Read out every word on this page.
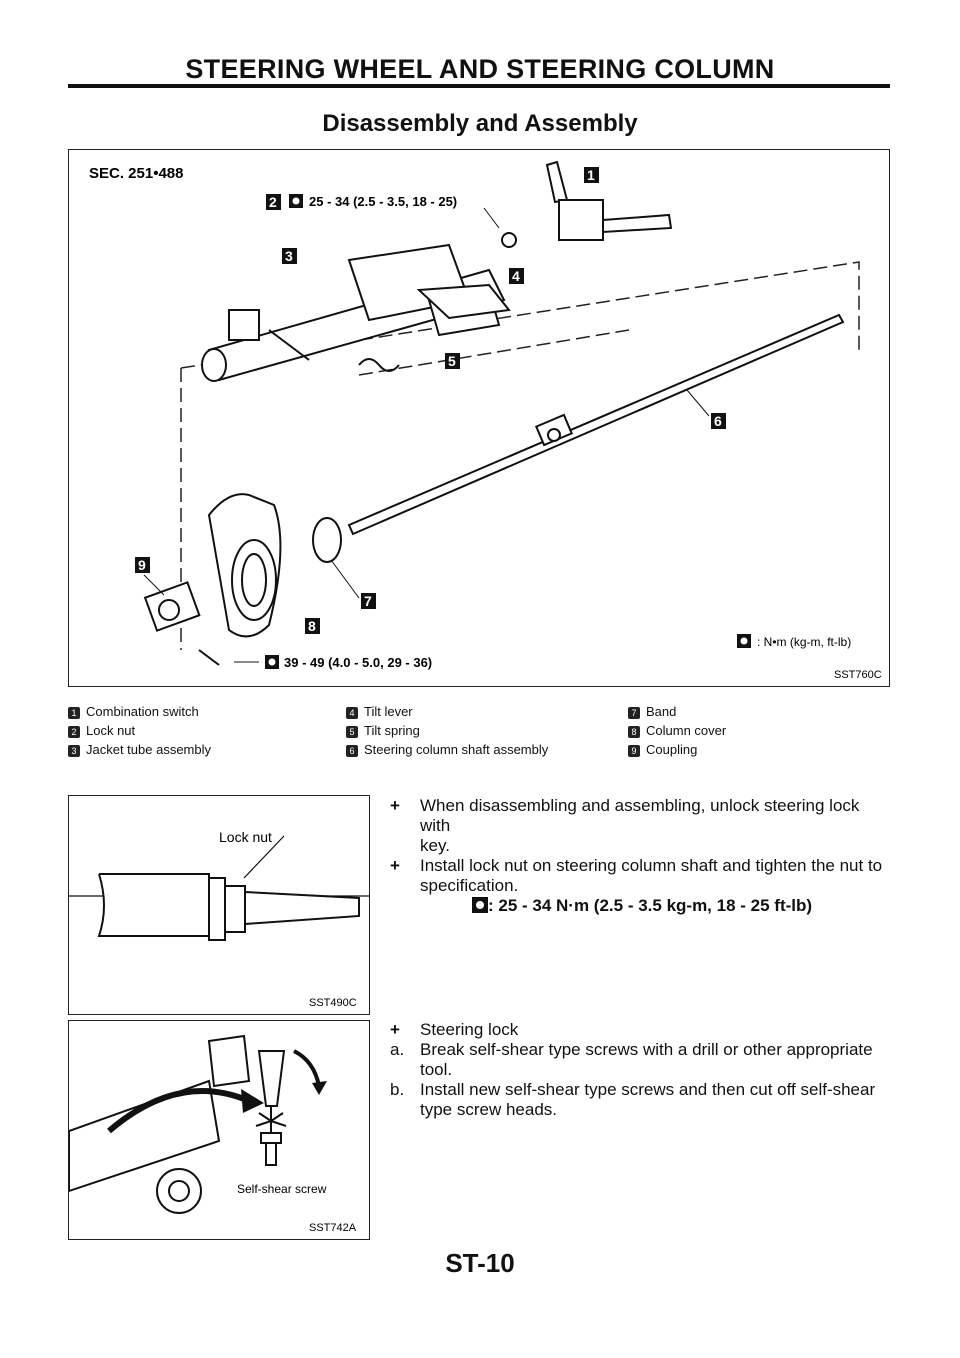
STEERING WHEEL AND STEERING COLUMN
Disassembly and Assembly
SEC. 251•488
25 - 34 (2.5 - 3.5, 18 - 25)
1
2
3
4
5
6
7
8
9
39 - 49 (4.0 - 5.0, 29 - 36)
: N•m (kg-m, ft-lb)
SST760C
1 Combination switch
2 Lock nut
3 Jacket tube assembly
4 Tilt lever
5 Tilt spring
6 Steering column shaft assembly
7 Band
8 Column cover
9 Coupling
Lock nut
SST490C
Self-shear screw
SST742A
+ When disassembling and assembling, unlock steering lock with
key.
+ Install lock nut on steering column shaft and tighten the nut to
specification.
: 25 - 34 N·m (2.5 - 3.5 kg-m, 18 - 25 ft-lb)
+ Steering lock
a. Break self-shear type screws with a drill or other appropriate
tool.
b. Install new self-shear type screws and then cut off self-shear
type screw heads.
ST-10
